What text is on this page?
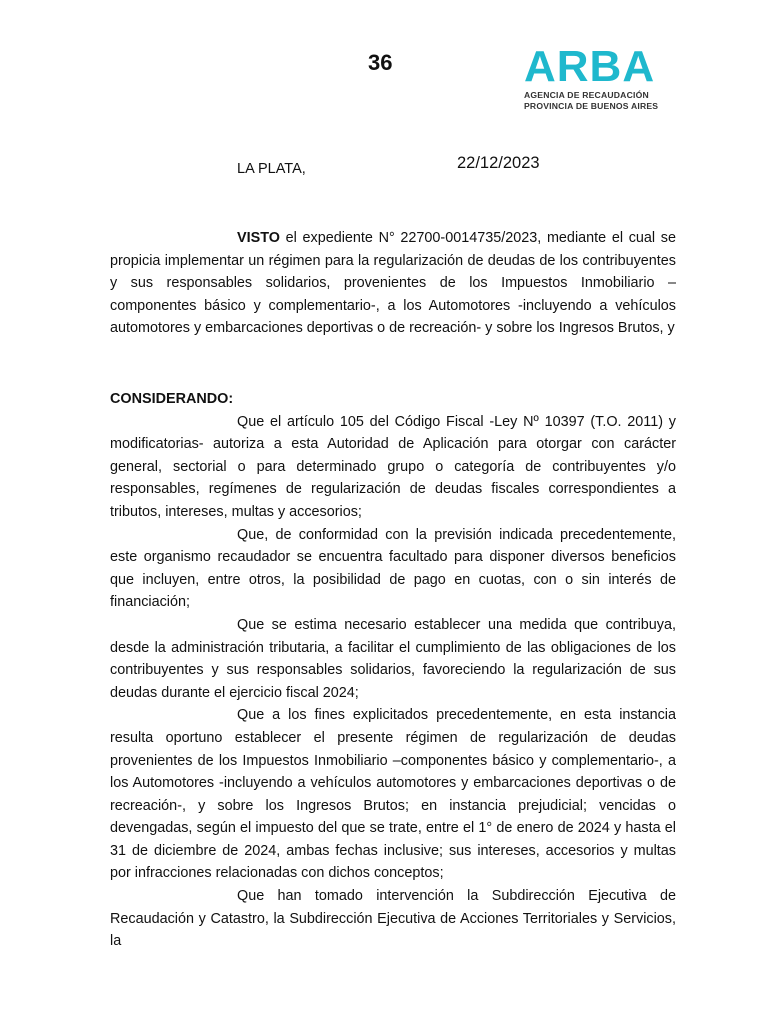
36	ARBA
AGENCIA DE RECAUDACIÓN
PROVINCIA DE BUENOS AIRES
LA PLATA,	22/12/2023

VISTO el expediente N° 22700-0014735/2023, mediante el cual se propicia implementar un régimen para la regularización de deudas de los contribuyentes y sus responsables solidarios, provenientes de los Impuestos Inmobiliario –componentes básico y complementario-, a los Automotores -incluyendo a vehículos automotores y embarcaciones deportivas o de recreación- y sobre los Ingresos Brutos, y

CONSIDERANDO:

Que el artículo 105 del Código Fiscal -Ley Nº 10397 (T.O. 2011) y modificatorias- autoriza a esta Autoridad de Aplicación para otorgar con carácter general, sectorial o para determinado grupo o categoría de contribuyentes y/o responsables, regímenes de regularización de deudas fiscales correspondientes a tributos, intereses, multas y accesorios;

Que, de conformidad con la previsión indicada precedentemente, este organismo recaudador se encuentra facultado para disponer diversos beneficios que incluyen, entre otros, la posibilidad de pago en cuotas, con o sin interés de financiación;

Que se estima necesario establecer una medida que contribuya, desde la administración tributaria, a facilitar el cumplimiento de las obligaciones de los contribuyentes y sus responsables solidarios, favoreciendo la regularización de sus deudas durante el ejercicio fiscal 2024;

Que a los fines explicitados precedentemente, en esta instancia resulta oportuno establecer el presente régimen de regularización de deudas provenientes de los Impuestos Inmobiliario –componentes básico y complementario-, a los Automotores -incluyendo a vehículos automotores y embarcaciones deportivas o de recreación-, y sobre los Ingresos Brutos; en instancia prejudicial; vencidas o devengadas, según el impuesto del que se trate, entre el 1° de enero de 2024 y hasta el 31 de diciembre de 2024, ambas fechas inclusive; sus intereses, accesorios y multas por infracciones relacionadas con dichos conceptos;

Que han tomado intervención la Subdirección Ejecutiva de Recaudación y Catastro, la Subdirección Ejecutiva de Acciones Territoriales y Servicios, la
